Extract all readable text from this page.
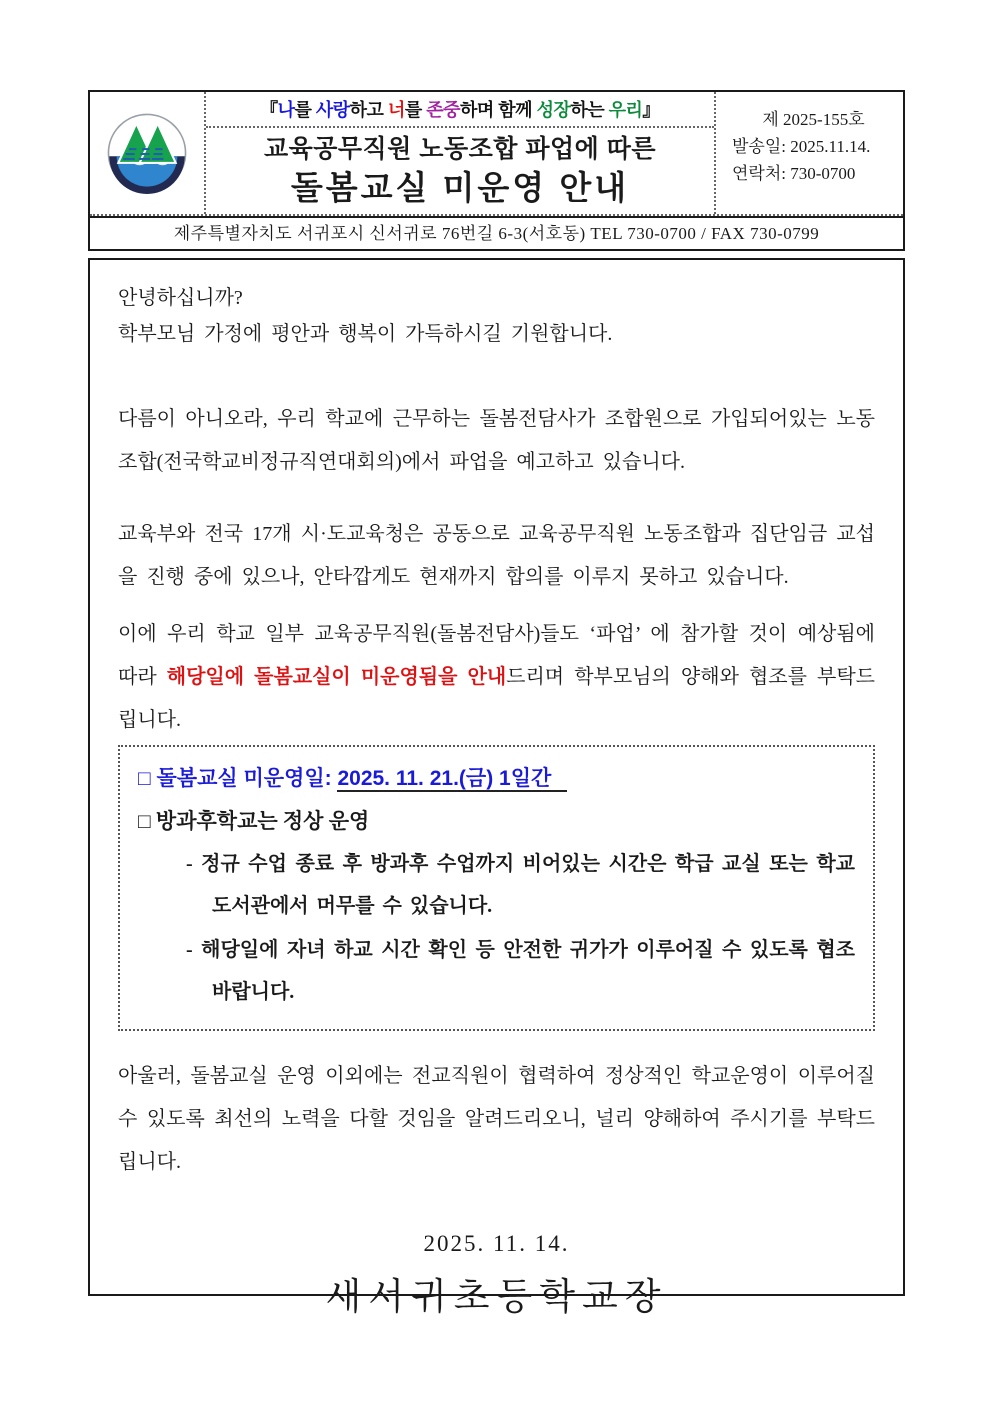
『 나 를 사랑 하고 너 를 존중 하며 함께 성장 하는 우리 』
교육공무직원 노동조합 파업에 따른
돌봄교실 미운영 안내
제 2025-155호
발송일: 2025.11.14.
연락처: 730-0700
제주특별자치도 서귀포시 신서귀로 76번길 6-3(서호동) TEL 730-0700 / FAX 730-0799

안녕하십니까?

학부모님 가정에 평안과 행복이 가득하시길 기원합니다.

다름이 아니오라, 우리 학교에 근무하는 돌봄전담사가 조합원으로 가입되어있는 노동조합(전국학교비정규직연대회의)에서 파업을 예고하고 있습니다.

교육부와 전국 17개 시·도교육청은 공동으로 교육공무직원 노동조합과 집단임금 교섭을 진행 중에 있으나, 안타깝게도 현재까지 합의를 이루지 못하고 있습니다.

이에 우리 학교 일부 교육공무직원(돌봄전담사)들도 ‘파업’ 에 참가할 것이 예상됨에 따라 해당일에 돌봄교실이 미운영됨을 안내드리며 학부모님의 양해와 협조를 부탁드립니다.

□ 돌봄교실 미운영일: 2025. 11. 21.(금) 1일간
□ 방과후학교는 정상 운영
- 정규 수업 종료 후 방과후 수업까지 비어있는 시간은 학급 교실 또는 학교 도서관에서 머무를 수 있습니다.
- 해당일에 자녀 하교 시간 확인 등 안전한 귀가가 이루어질 수 있도록 협조 바랍니다.

아울러, 돌봄교실 운영 이외에는 전교직원이 협력하여 정상적인 학교운영이 이루어질 수 있도록 최선의 노력을 다할 것임을 알려드리오니, 널리 양해하여 주시기를 부탁드립니다.

2025. 11. 14.
새서귀초등학교장
